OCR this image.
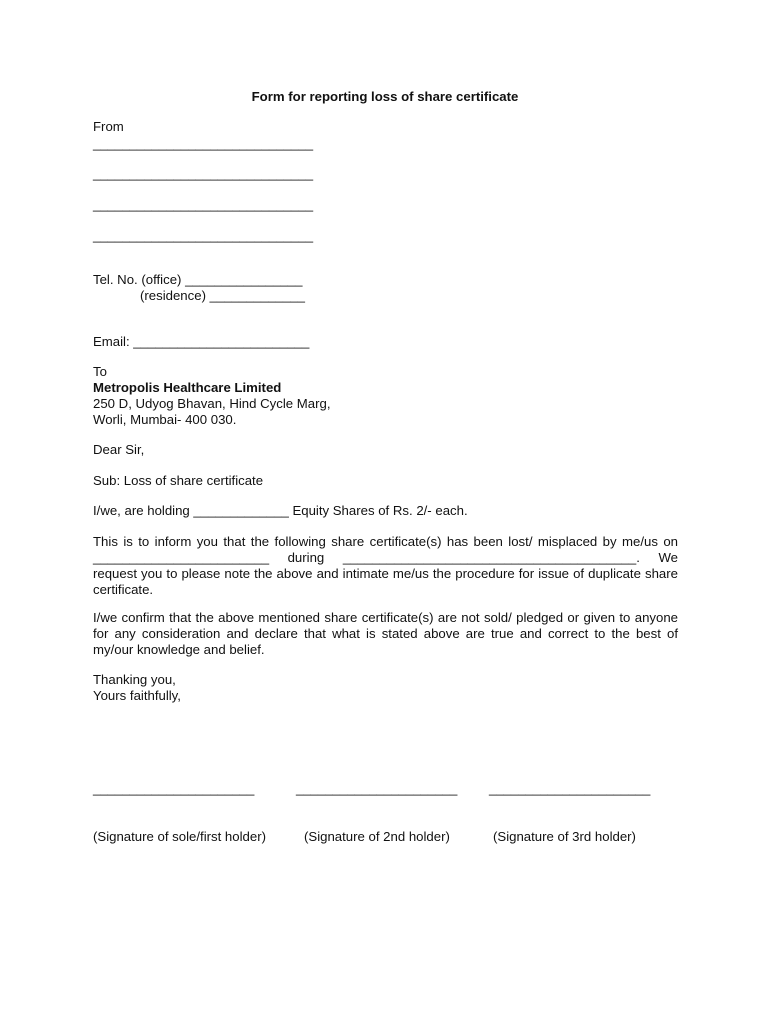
Form for reporting loss of share certificate

From

______________________________

______________________________

______________________________

______________________________

Tel. No. (office) ________________

(residence) _____________

Email: ________________________

To

Metropolis Healthcare Limited

250 D, Udyog Bhavan, Hind Cycle Marg,

Worli, Mumbai- 400 030.

Dear Sir,

Sub: Loss of share certificate

I/we, are holding _____________ Equity Shares of Rs. 2/- each.

This is to inform you that the following share certificate(s) has been lost/ misplaced by me/us on ________________________ during ________________________________________. We request you to please note the above and intimate me/us the procedure for issue of duplicate share certificate.

I/we confirm that the above mentioned share certificate(s) are not sold/ pledged or given to anyone for any consideration and declare that what is stated above are true and correct to the best of my/our knowledge and belief.

Thanking you,

Yours faithfully,

______________________

(Signature of sole/first holder)

______________________

(Signature of 2nd holder)

______________________

(Signature of 3rd holder)
